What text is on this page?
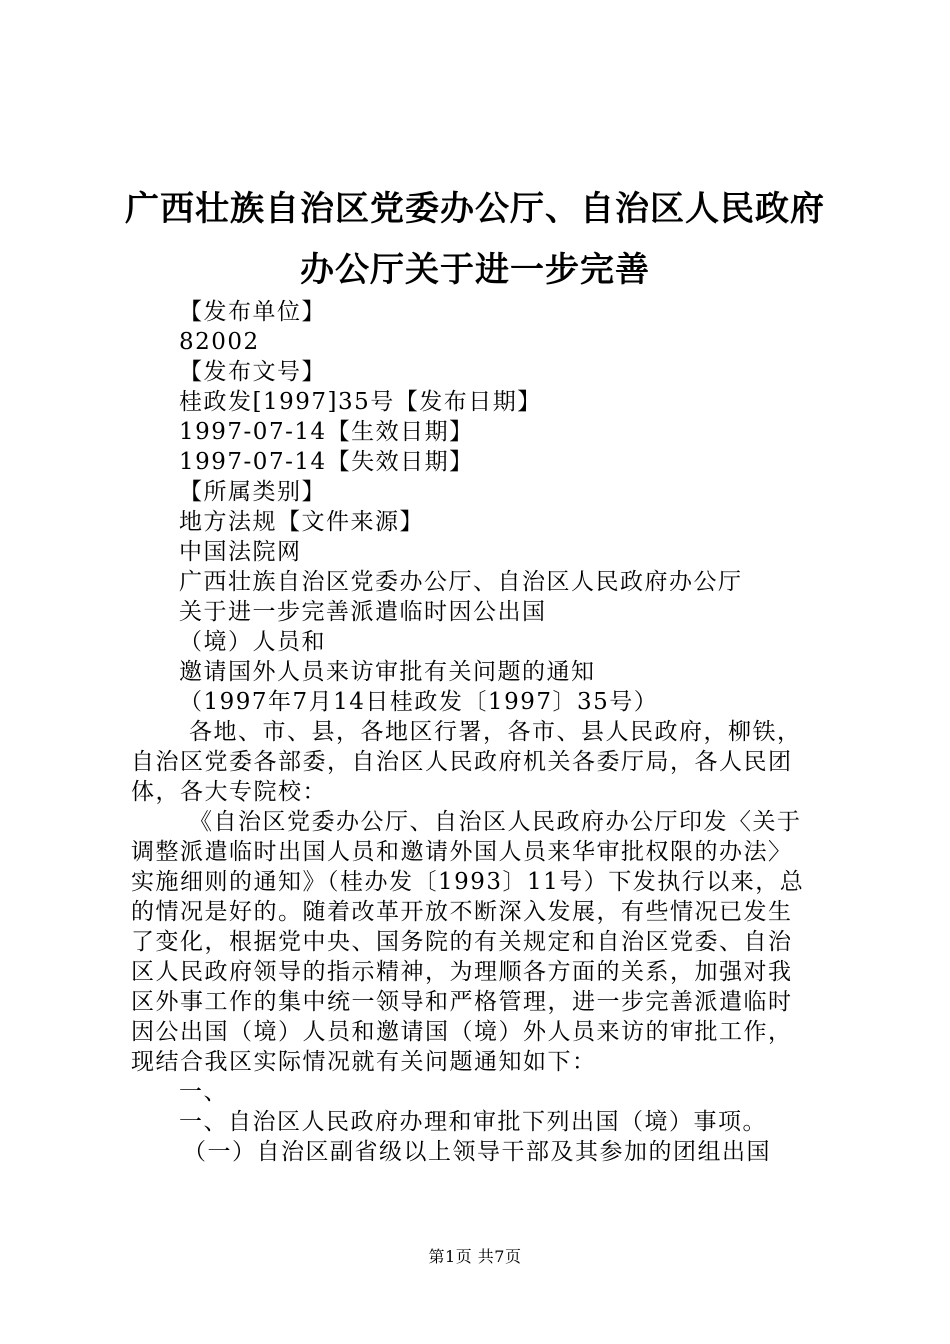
广西壮族自治区党委办公厅、自治区人民政府
办公厅关于进一步完善
【发布单位】
82002
【发布文号】
桂政发[1997]35号【发布日期】
1997-07-14【生效日期】
1997-07-14【失效日期】
【所属类别】
地方法规【文件来源】
中国法院网
广西壮族自治区党委办公厅、自治区人民政府办公厅
关于进一步完善派遣临时因公出国
（境）人员和
邀请国外人员来访审批有关问题的通知
（1997年7月14日桂政发〔1997〕35号）
各地、市、县，各地区行署，各市、县人民政府，柳铁，
自治区党委各部委，自治区人民政府机关各委厅局，各人民团
体，各大专院校：
《自治区党委办公厅、自治区人民政府办公厅印发〈关于
调整派遣临时出国人员和邀请外国人员来华审批权限的办法〉
实施细则的通知》（桂办发〔1993〕11号）下发执行以来，总
的情况是好的。随着改革开放不断深入发展，有些情况已发生
了变化，根据党中央、国务院的有关规定和自治区党委、自治
区人民政府领导的指示精神，为理顺各方面的关系，加强对我
区外事工作的集中统一领导和严格管理，进一步完善派遣临时
因公出国（境）人员和邀请国（境）外人员来访的审批工作，
现结合我区实际情况就有关问题通知如下：
一、
一、自治区人民政府办理和审批下列出国（境）事项。
（一）自治区副省级以上领导干部及其参加的团组出国
第1页 共7页
